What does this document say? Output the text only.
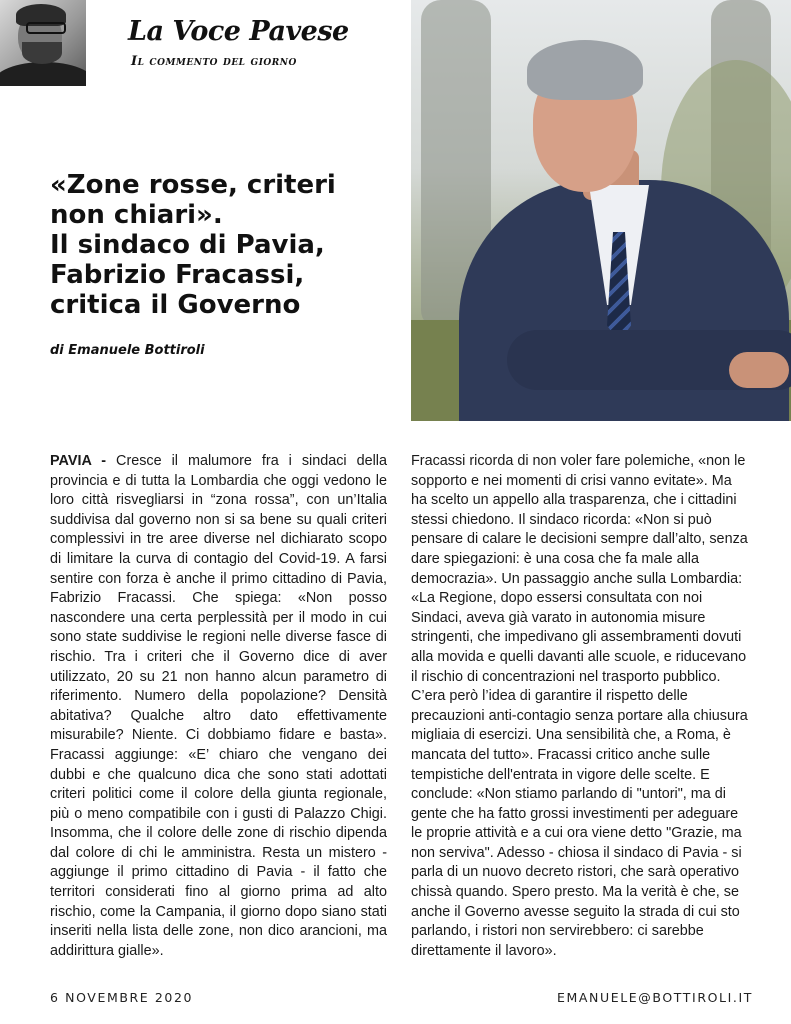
La Voce Pavese
Il commento del giorno
«Zone rosse, criteri
non chiari».
Il sindaco di Pavia,
Fabrizio Fracassi,
critica il Governo
di Emanuele Bottiroli

PAVIA - Cresce il malumore fra i sindaci della provincia e di tutta la Lombardia che oggi vedono le loro città risvegliarsi in “zona rossa”, con un’Italia suddivisa dal governo non si sa bene su quali criteri complessivi in tre aree diverse nel dichiarato scopo di limitare la curva di contagio del Covid-19. A farsi sentire con forza è anche il primo cittadino di Pavia, Fabrizio Fracassi. Che spiega: «Non posso nascondere una certa perplessità per il modo in cui sono state suddivise le regioni nelle diverse fasce di rischio. Tra i criteri che il Governo dice di aver utilizzato, 20 su 21 non hanno alcun parametro di riferimento. Numero della popolazione? Densità abitativa? Qualche altro dato effettivamente misurabile? Niente. Ci dobbiamo fidare e basta». Fracassi aggiunge: «E’ chiaro che vengano dei dubbi e che qualcuno dica che sono stati adottati criteri politici come il colore della giunta regionale, più o meno compatibile con i gusti di Palazzo Chigi. Insomma, che il colore delle zone di rischio dipenda dal colore di chi le amministra. Resta un mistero - aggiunge il primo cittadino di Pavia - il fatto che territori considerati fino al giorno prima ad alto rischio, come la Campania, il giorno dopo siano stati inseriti nella lista delle zone, non dico arancioni, ma addirittura gialle».

Fracassi ricorda di non voler fare polemiche, «non le sopporto e nei momenti di crisi vanno evitate». Ma ha scelto un appello alla trasparenza, che i cittadini stessi chiedono. Il sindaco ricorda: «Non si può pensare di calare le decisioni sempre dall’alto, senza dare spiegazioni: è una cosa che fa male alla democrazia». Un passaggio anche sulla Lombardia: «La Regione, dopo essersi consultata con noi Sindaci, aveva già varato in autonomia misure stringenti, che impedivano gli assembramenti dovuti alla movida e quelli davanti alle scuole, e riducevano il rischio di concentrazioni nel trasporto pubblico. C’era però l’idea di garantire il rispetto delle precauzioni anti-contagio senza portare alla chiusura migliaia di esercizi. Una sensibilità che, a Roma, è mancata del tutto». Fracassi critico anche sulle tempistiche dell'entrata in vigore delle scelte. E conclude: «Non stiamo parlando di "untori", ma di gente che ha fatto grossi investimenti per adeguare le proprie attività e a cui ora viene detto "Grazie, ma non serviva". Adesso - chiosa il sindaco di Pavia - si parla di un nuovo decreto ristori, che sarà operativo chissà quando. Spero presto. Ma la verità è che, se anche il Governo avesse seguito la strada di cui sto parlando, i ristori non servirebbero: ci sarebbe direttamente il lavoro».

6 NOVEMBRE 2020	EMANUELE@BOTTIROLI.IT
